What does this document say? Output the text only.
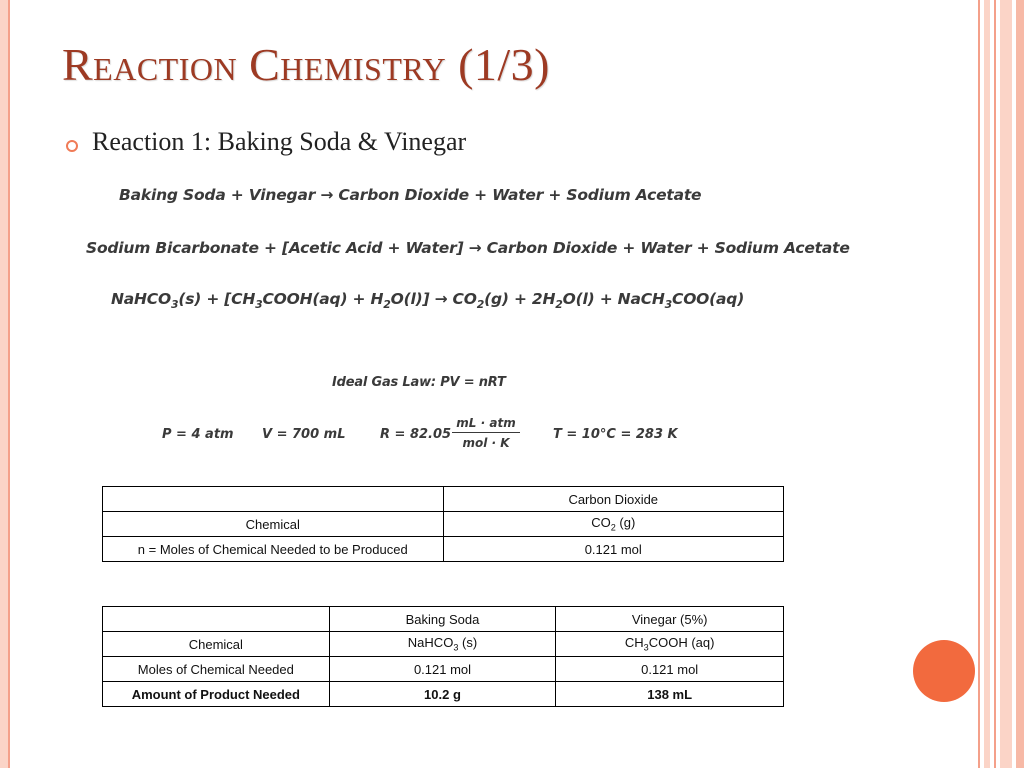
Reaction Chemistry (1/3)
Reaction 1: Baking Soda & Vinegar
Baking Soda + Vinegar → Carbon Dioxide + Water + Sodium Acetate
Sodium Bicarbonate + [Acetic Acid + Water] → Carbon Dioxide + Water + Sodium Acetate
NaHCO$_3$(s) + $[CH_3COOH(aq) + H_2O(l)] \to CO_2(g) + 2H_2O(l)$ + NaCH$_3$COO(aq)
Ideal Gas Law: PV = nRT
P = 4 atm V = 700 mL	R = 82.05
mL · atm
mol · K
T = 10°C = 283 K
	Carbon Dioxide
Chemical	$CO_2$ (g)
n = Moles of Chemical Needed to be Produced	0.121 mol
	Baking Soda	Vinegar (5%)
Chemical	NaHCO$_3$ (s)	$CH_3COOH$ (aq)
Moles of Chemical Needed	0.121 mol	0.121 mol
Amount of Product Needed	10.2 g	138 mL
